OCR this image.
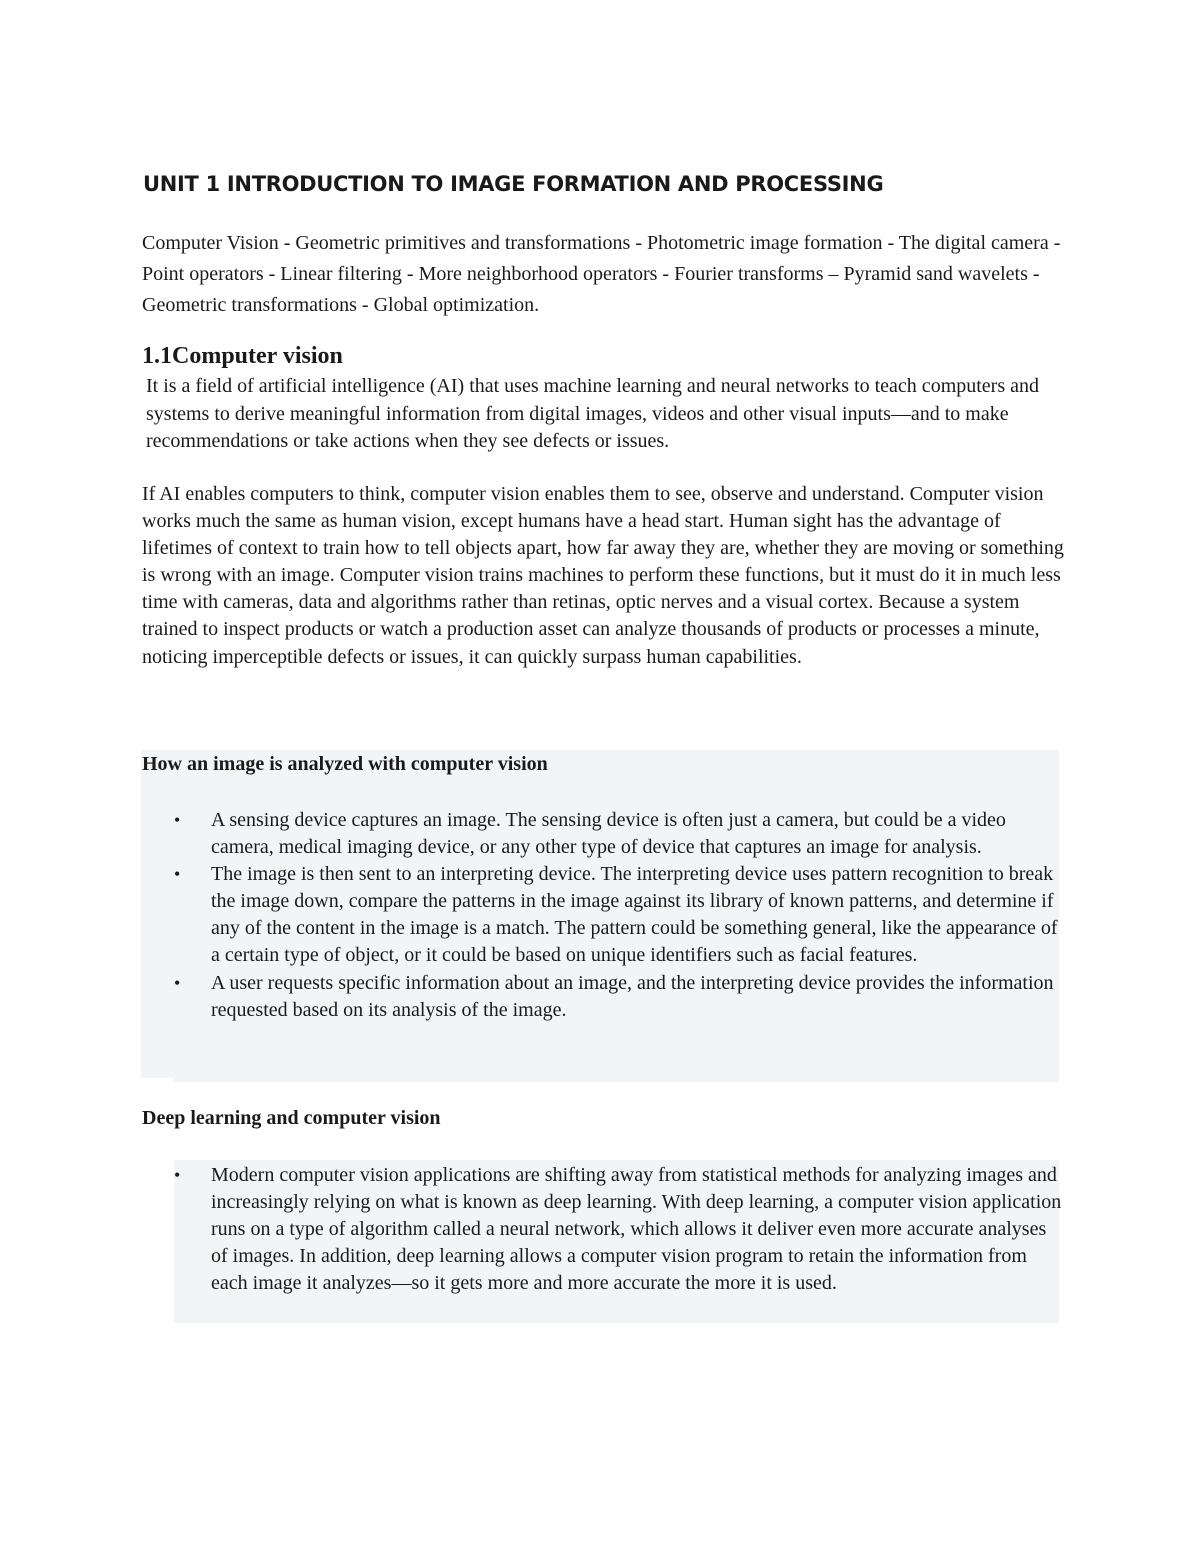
UNIT 1 INTRODUCTION TO IMAGE FORMATION AND PROCESSING

Computer Vision - Geometric primitives and transformations - Photometric image formation - The digital camera - Point operators - Linear filtering - More neighborhood operators - Fourier transforms – Pyramid sand wavelets - Geometric transformations - Global optimization.

1.1Computer vision

It is a field of artificial intelligence (AI) that uses machine learning and neural networks to teach computers and systems to derive meaningful information from digital images, videos and other visual inputs—and to make recommendations or take actions when they see defects or issues.

If AI enables computers to think, computer vision enables them to see, observe and understand. Computer vision works much the same as human vision, except humans have a head start. Human sight has the advantage of lifetimes of context to train how to tell objects apart, how far away they are, whether they are moving or something is wrong with an image. Computer vision trains machines to perform these functions, but it must do it in much less time with cameras, data and algorithms rather than retinas, optic nerves and a visual cortex. Because a system trained to inspect products or watch a production asset can analyze thousands of products or processes a minute, noticing imperceptible defects or issues, it can quickly surpass human capabilities.

How an image is analyzed with computer vision
• A sensing device captures an image. The sensing device is often just a camera, but could be a video camera, medical imaging device, or any other type of device that captures an image for analysis.
• The image is then sent to an interpreting device. The interpreting device uses pattern recognition to break the image down, compare the patterns in the image against its library of known patterns, and determine if any of the content in the image is a match. The pattern could be something general, like the appearance of a certain type of object, or it could be based on unique identifiers such as facial features.
• A user requests specific information about an image, and the interpreting device provides the information requested based on its analysis of the image.
Deep learning and computer vision
• Modern computer vision applications are shifting away from statistical methods for analyzing images and increasingly relying on what is known as deep learning. With deep learning, a computer vision application runs on a type of algorithm called a neural network, which allows it deliver even more accurate analyses of images. In addition, deep learning allows a computer vision program to retain the information from each image it analyzes—so it gets more and more accurate the more it is used.
